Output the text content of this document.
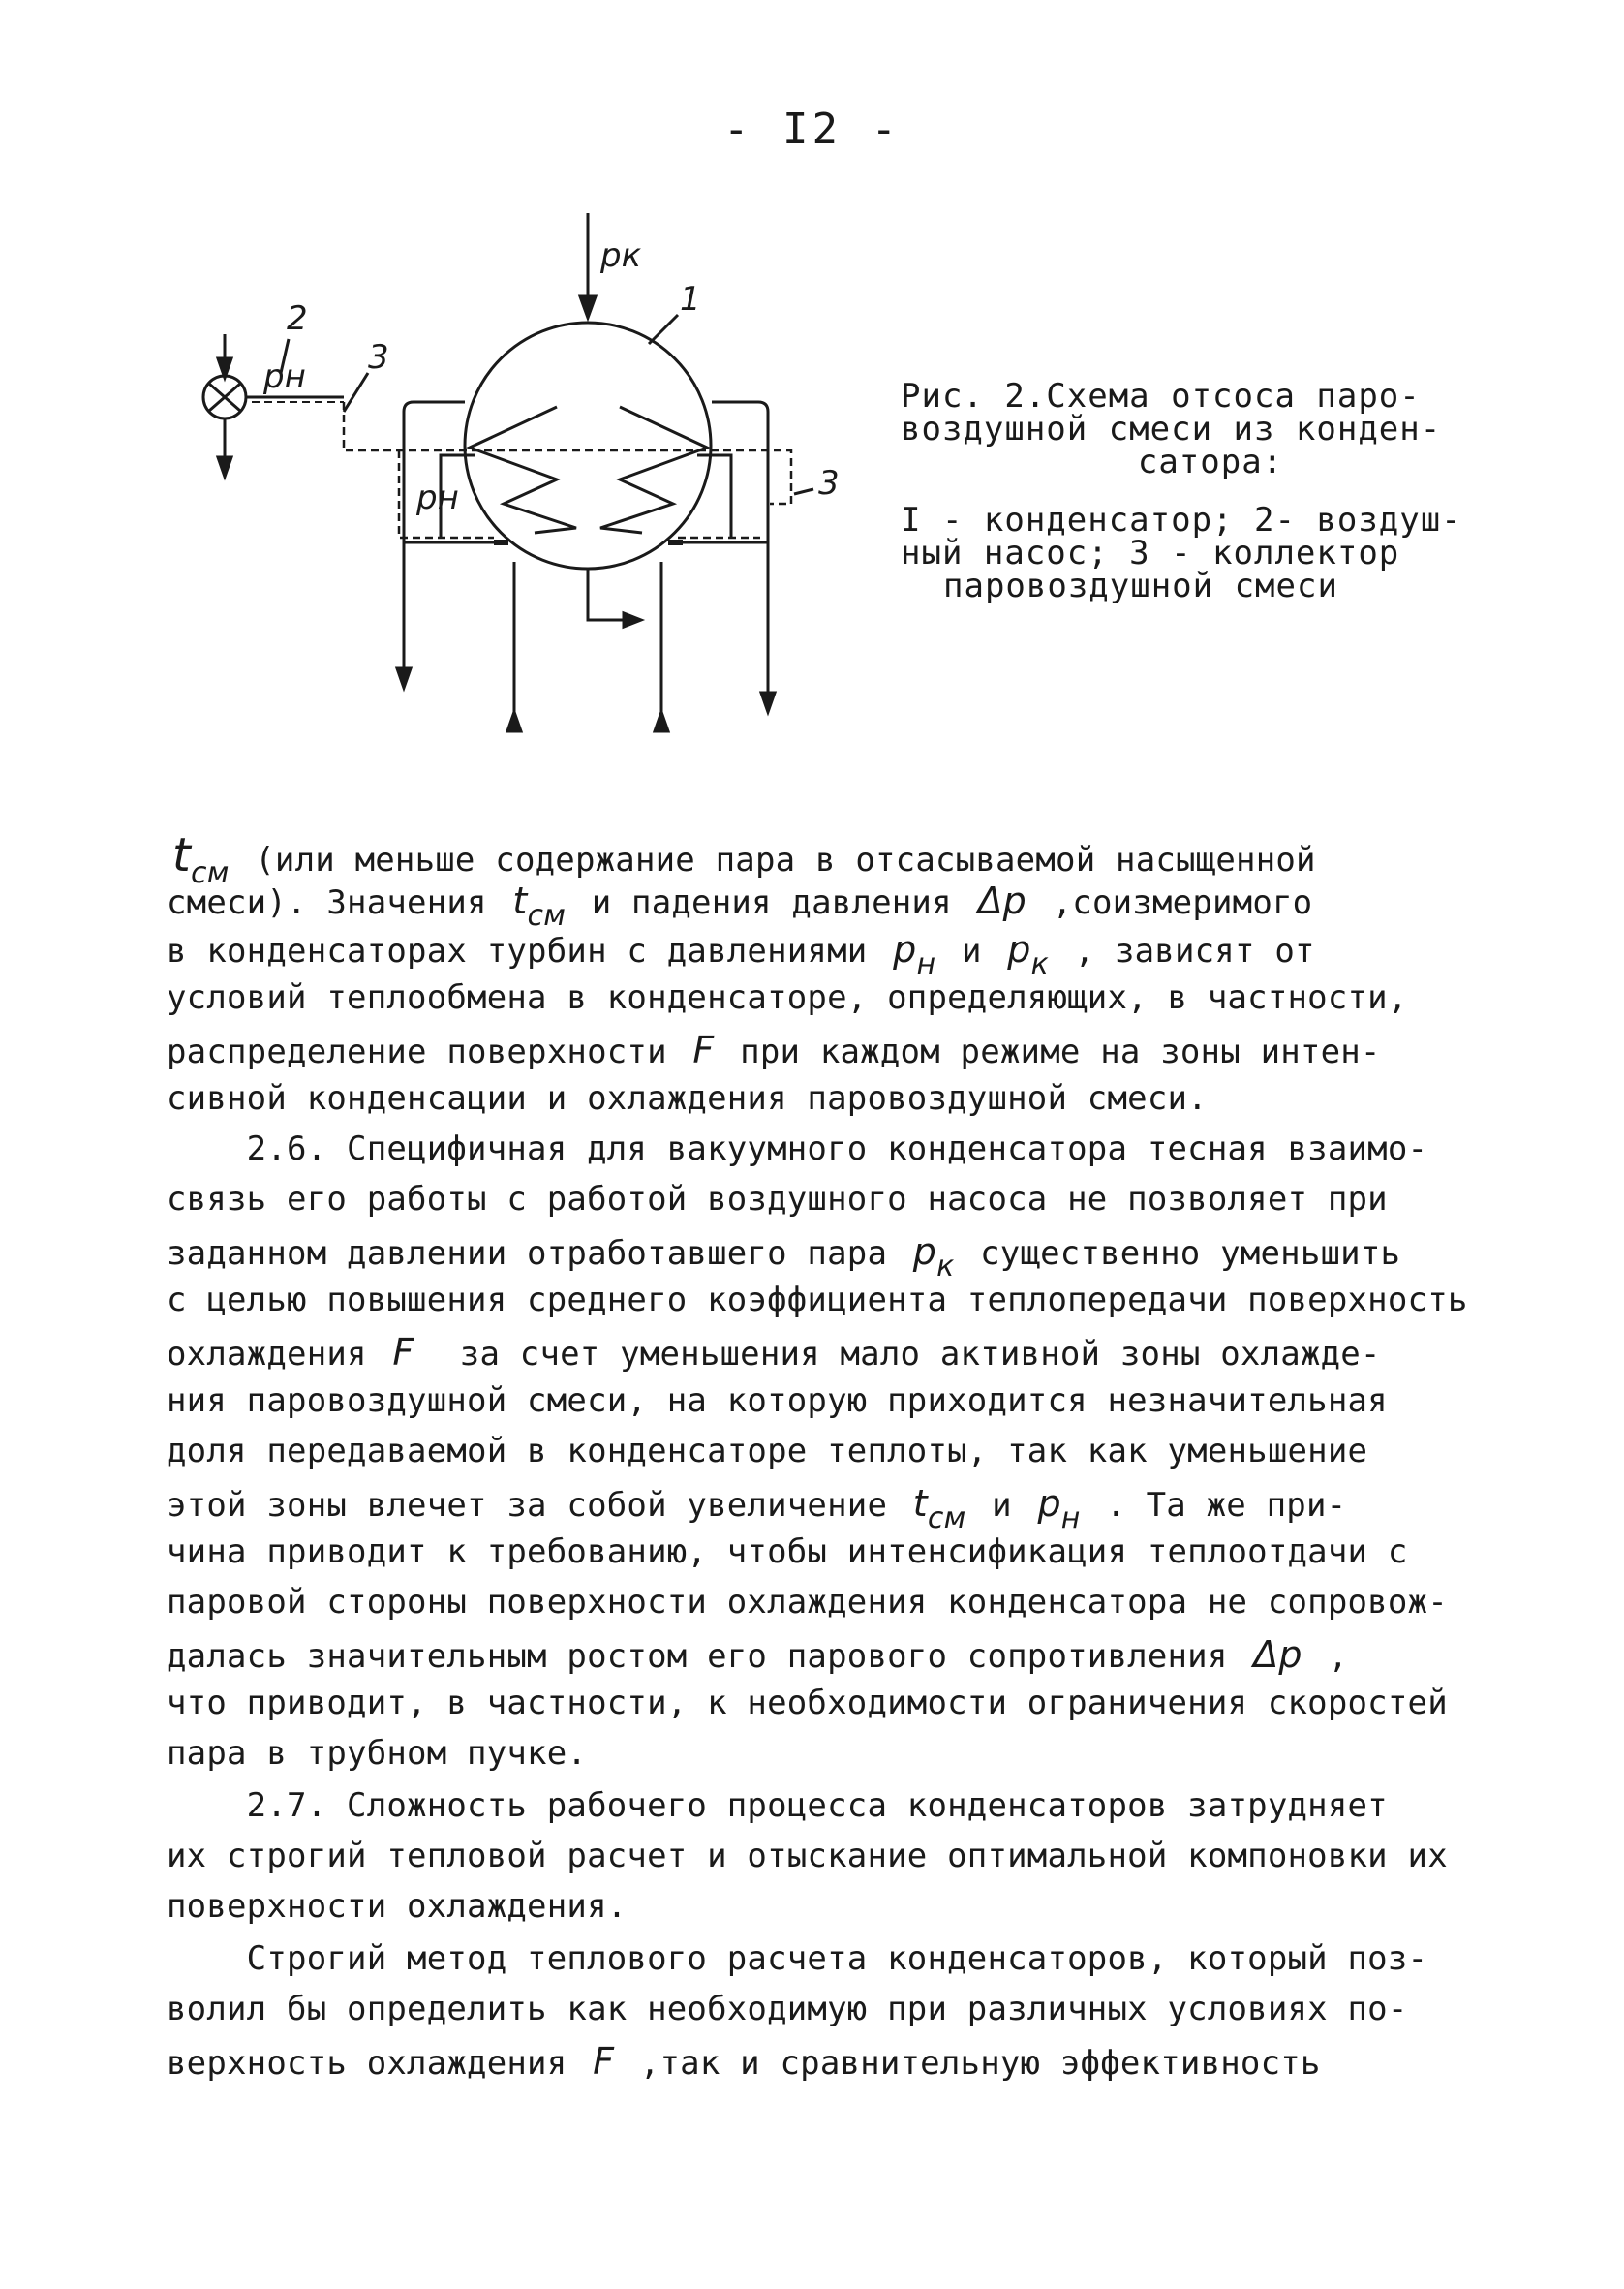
- I2 -
pк
1
2
3
3
pн
pн
Рис. 2.Схема отсоса паро-
воздушной смеси из конден-

сатора:
I - конденсатор; 2- воздуш-
ный насос; 3 - коллектор

паровоздушной смеси
$t_{см}$ (или меньше содержание пара в отсасываемой насыщенной
смеси). Значения $t_{см}$ и падения давления Δp ,соизмеримого
в конденсаторах турбин с давлениями $p_н$ и $p_к$ , зависят от
условий теплообмена в конденсаторе, определяющих, в частности,
распределение поверхности F при каждом режиме на зоны интен-
сивной конденсации и охлаждения паровоздушной смеси.
2.6. Специфичная для вакуумного конденсатора тесная взаимо-
связь его работы с работой воздушного насоса не позволяет при
заданном давлении отработавшего пара $p_к$ существенно уменьшить
с целью повышения среднего коэффициента теплопередачи поверхность
охлаждения F  за счет уменьшения мало активной зоны охлажде-
ния паровоздушной смеси, на которую приходится незначительная
доля передаваемой в конденсаторе теплоты, так как уменьшение
этой зоны влечет за собой увеличение $t_{см}$ и $p_н$ . Та же при-
чина приводит к требованию, чтобы интенсификация теплоотдачи с
паровой стороны поверхности охлаждения конденсатора не сопровож-
далась значительным ростом его парового сопротивления Δp ,
что приводит, в частности, к необходимости ограничения скоростей
пара в трубном пучке.
2.7. Сложность рабочего процесса конденсаторов затрудняет
их строгий тепловой расчет и отыскание оптимальной компоновки их
поверхности охлаждения.
Строгий метод теплового расчета конденсаторов, который поз-
волил бы определить как необходимую при различных условиях по-
верхность охлаждения F ,так и сравнительную эффективность
